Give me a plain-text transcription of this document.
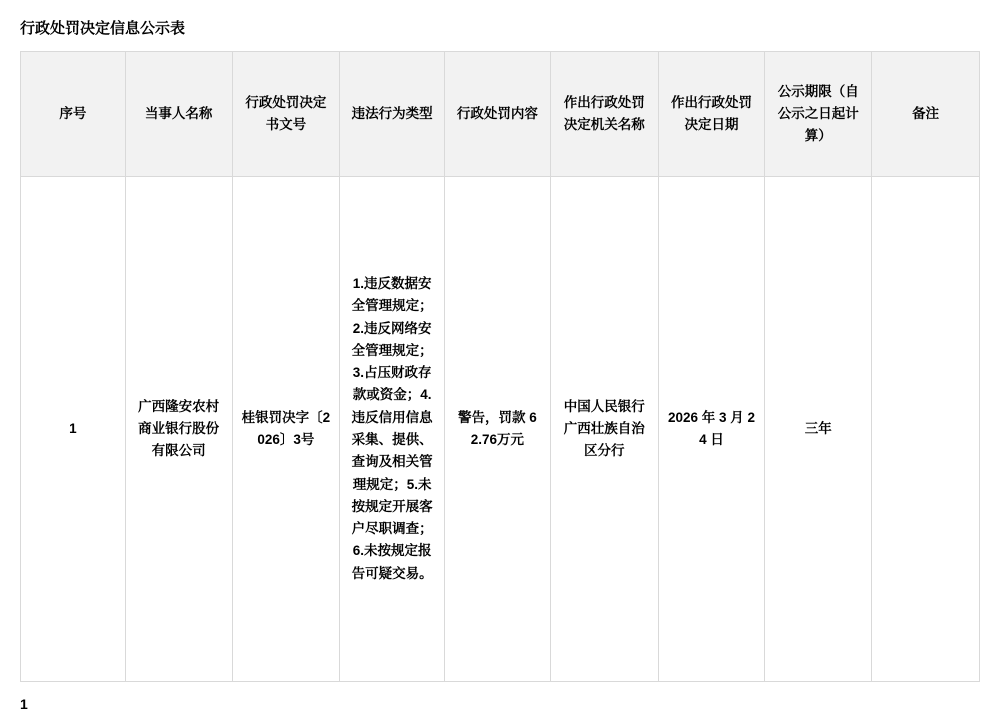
行政处罚决定信息公示表
序号	当事人名称	行政处罚决定书文号	违法行为类型	行政处罚内容	作出行政处罚决定机关名称	作出行政处罚决定日期	公示期限（自公示之日起计算）	备注
1	广西隆安农村商业银行股份有限公司	桂银罚决字〔2026〕3号	1.违反数据安全管理规定；2.违反网络安全管理规定；3.占压财政存款或资金；4.违反信用信息采集、提供、查询及相关管理规定；5.未按规定开展客户尽职调查；6.未按规定报告可疑交易。	警告，罚款 62.76万元	中国人民银行广西壮族自治区分行	2026 年 3 月 24 日	三年	
1
